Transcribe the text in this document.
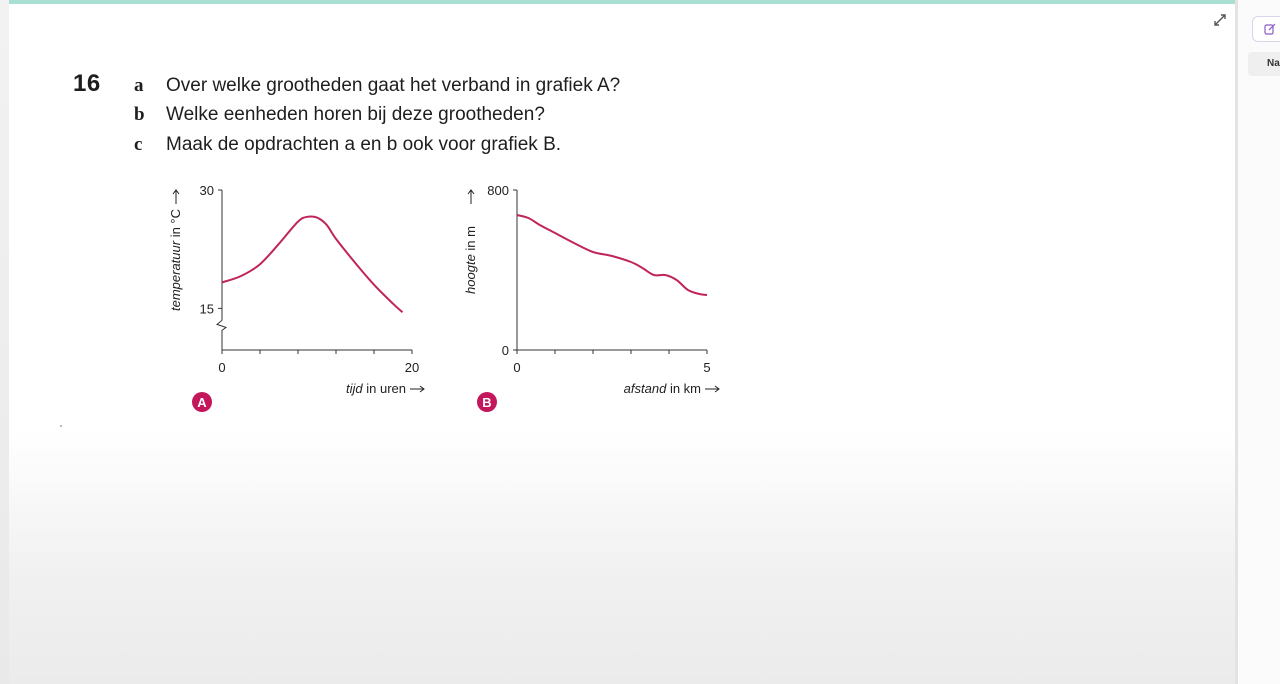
Na
16 a Over welke grootheden gaat het verband in grafiek A?
b Welke eenheden horen bij deze grootheden?
c Maak de opdrachten a en b ook voor grafiek B.
30
15
0	20
tijd in uren
temperatuur in °C
A
800
0
0	5
afstand in km
hoogte in m
B
